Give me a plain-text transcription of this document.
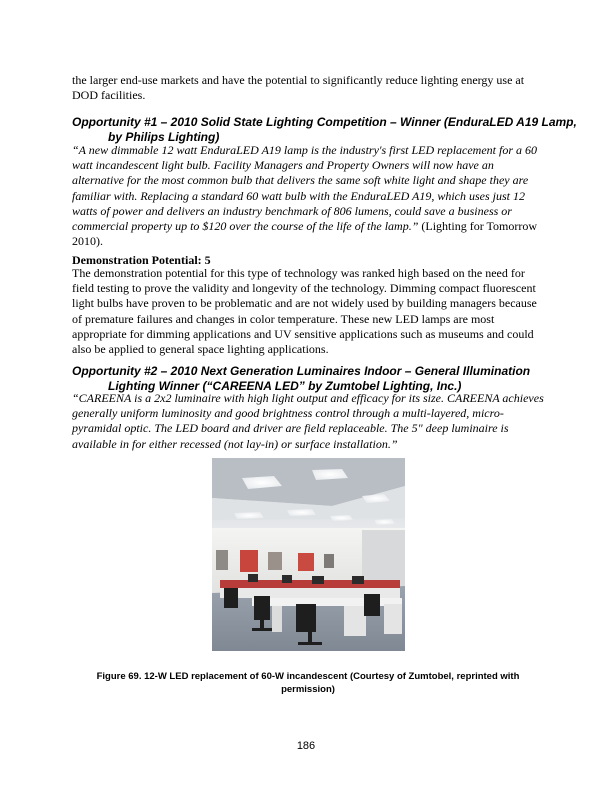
the larger end-use markets and have the potential to significantly reduce lighting energy use at DOD facilities.

Opportunity #1 – 2010 Solid State Lighting Competition – Winner (EnduraLED A19 Lamp, by Philips Lighting)

“A new dimmable 12 watt EnduraLED A19 lamp is the industry's first LED replacement for a 60 watt incandescent light bulb. Facility Managers and Property Owners will now have an alternative for the most common bulb that delivers the same soft white light and shape they are familiar with. Replacing a standard 60 watt bulb with the EnduraLED A19, which uses just 12 watts of power and delivers an industry benchmark of 806 lumens, could save a business or commercial property up to $120 over the course of the life of the lamp.” (Lighting for Tomorrow 2010).

Demonstration Potential: 5

The demonstration potential for this type of technology was ranked high based on the need for field testing to prove the validity and longevity of the technology. Dimming compact fluorescent light bulbs have proven to be problematic and are not widely used by building managers because of premature failures and changes in color temperature. These new LED lamps are most appropriate for dimming applications and UV sensitive applications such as museums and could also be applied to general space lighting applications.

Opportunity #2 – 2010 Next Generation Luminaires Indoor – General Illumination Lighting Winner (“CAREENA LED” by Zumtobel Lighting, Inc.)

“CAREENA is a 2x2 luminaire with high light output and efficacy for its size. CAREENA achieves generally uniform luminosity and good brightness control through a multi-layered, micro-pyramidal optic. The LED board and driver are field replaceable. The 5" deep luminaire is available in for either recessed (not lay-in) or surface installation.”

Figure 69. 12-W LED replacement of 60-W incandescent (Courtesy of Zumtobel, reprinted with permission)

186
